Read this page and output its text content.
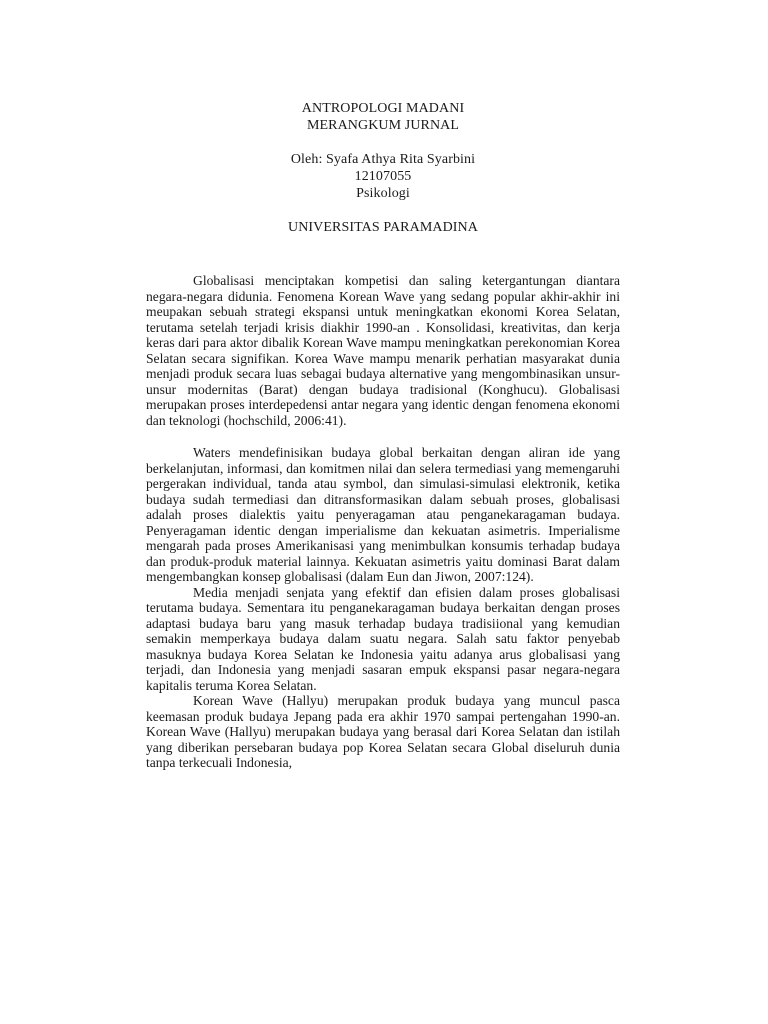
ANTROPOLOGI MADANI
MERANGKUM JURNAL
Oleh: Syafa Athya Rita Syarbini
12107055
Psikologi
UNIVERSITAS PARAMADINA

Globalisasi menciptakan kompetisi dan saling ketergantungan diantara negara-negara didunia. Fenomena Korean Wave yang sedang popular akhir-akhir ini meupakan sebuah strategi ekspansi untuk meningkatkan ekonomi Korea Selatan, terutama setelah terjadi krisis diakhir 1990-an . Konsolidasi, kreativitas, dan kerja keras dari para aktor dibalik Korean Wave mampu meningkatkan perekonomian Korea Selatan secara signifikan. Korea Wave mampu menarik perhatian masyarakat dunia menjadi produk secara luas sebagai budaya alternative yang mengombinasikan unsur-unsur modernitas (Barat) dengan budaya tradisional (Konghucu). Globalisasi merupakan proses interdepedensi antar negara yang identic dengan fenomena ekonomi dan teknologi (hochschild, 2006:41).

Waters mendefinisikan budaya global berkaitan dengan aliran ide yang berkelanjutan, informasi, dan komitmen nilai dan selera termediasi yang memengaruhi pergerakan individual, tanda atau symbol, dan simulasi-simulasi elektronik, ketika budaya sudah termediasi dan ditransformasikan dalam sebuah proses, globalisasi adalah proses dialektis yaitu penyeragaman atau penganekaragaman budaya. Penyeragaman identic dengan imperialisme dan kekuatan asimetris. Imperialisme mengarah pada proses Amerikanisasi yang menimbulkan konsumis terhadap budaya dan produk-produk material lainnya. Kekuatan asimetris yaitu dominasi Barat dalam mengembangkan konsep globalisasi (dalam Eun dan Jiwon, 2007:124).

Media menjadi senjata yang efektif dan efisien dalam proses globalisasi terutama budaya. Sementara itu penganekaragaman budaya berkaitan dengan proses adaptasi budaya baru yang masuk terhadap budaya tradisiional yang kemudian semakin memperkaya budaya dalam suatu negara. Salah satu faktor penyebab masuknya budaya Korea Selatan ke Indonesia yaitu adanya arus globalisasi yang terjadi, dan Indonesia yang menjadi sasaran empuk ekspansi pasar negara-negara kapitalis teruma Korea Selatan.

Korean Wave (Hallyu) merupakan produk budaya yang muncul pasca keemasan produk budaya Jepang pada era akhir 1970 sampai pertengahan 1990-an. Korean Wave (Hallyu) merupakan budaya yang berasal dari Korea Selatan dan istilah yang diberikan persebaran budaya pop Korea Selatan secara Global diseluruh dunia tanpa terkecuali Indonesia,
